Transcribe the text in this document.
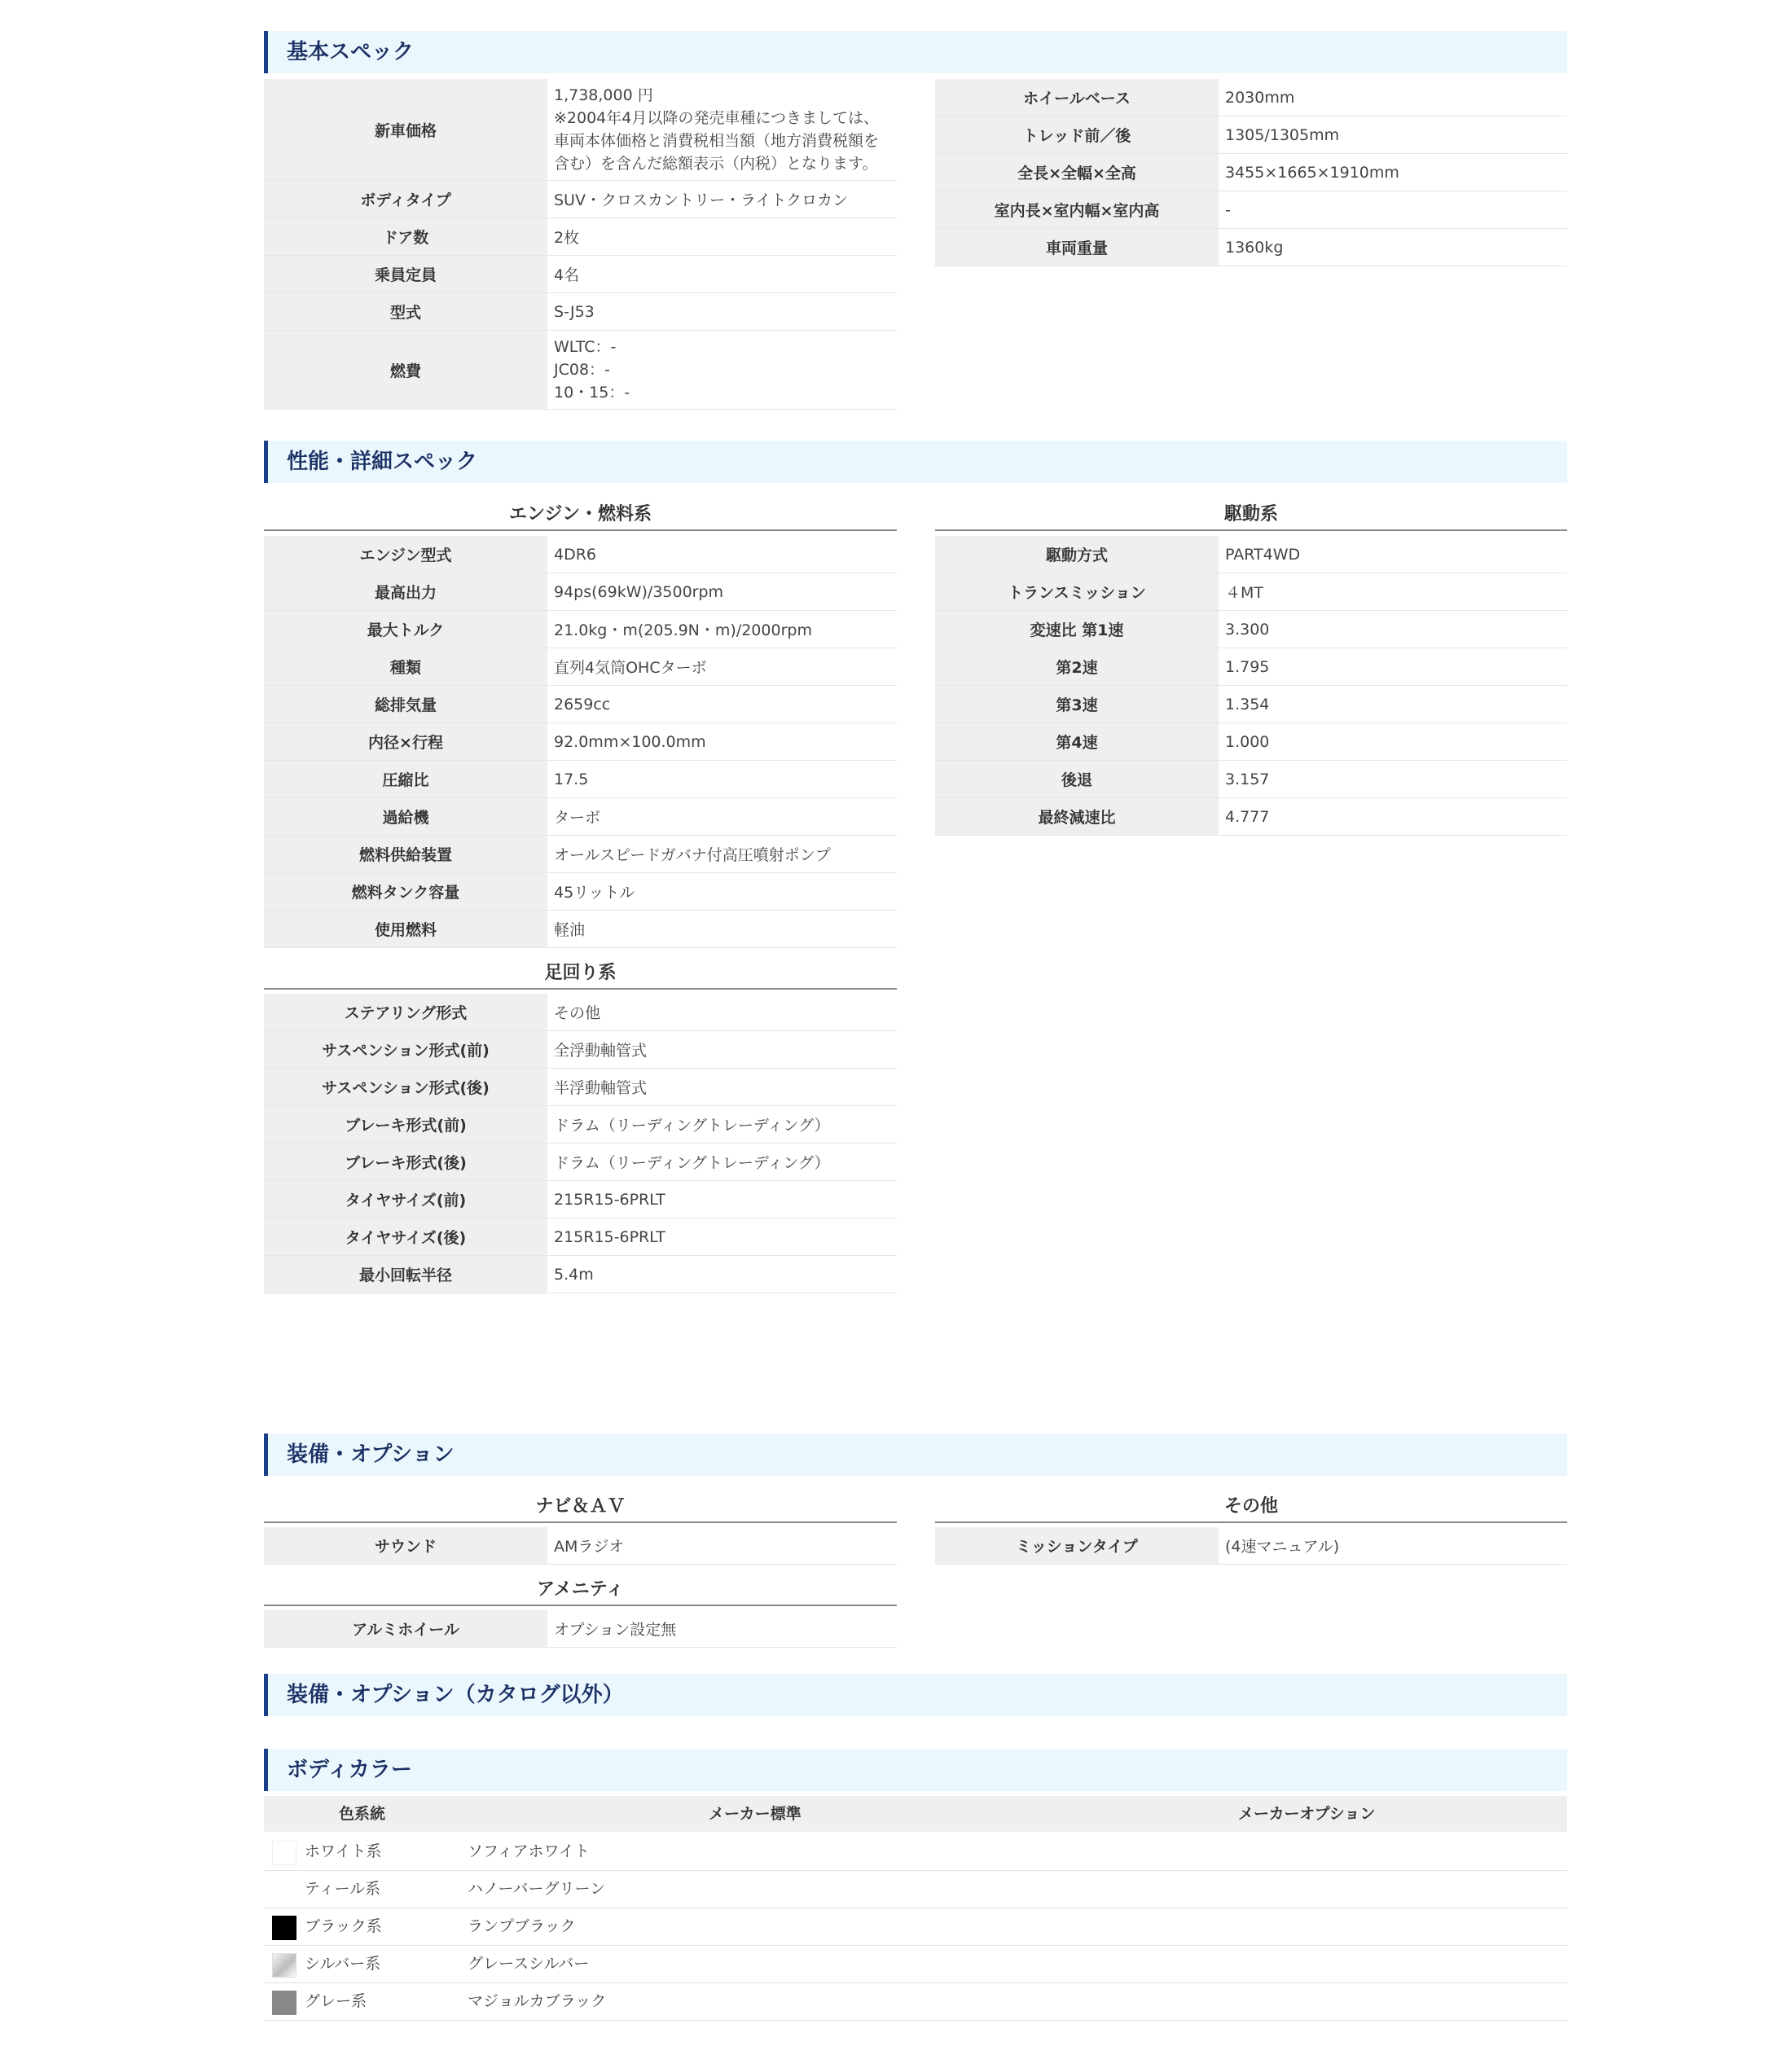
基本スペック
新車価格	1,738,000 円
※2004年4月以降の発売車種につきましては、
車両本体価格と消費税相当額（地方消費税額を
含む）を含んだ総額表示（内税）となります。
ボディタイプ	SUV・クロスカントリー・ライトクロカン
ドア数	2枚
乗員定員	4名
型式	S-J53
燃費	WLTC：-
JC08：-
10・15：-
ホイールベース	2030mm
トレッド前／後	1305/1305mm
全長×全幅×全高	3455×1665×1910mm
室内長×室内幅×室内高	-
車両重量	1360kg
性能・詳細スペック
エンジン・燃料系
エンジン型式	4DR6
最高出力	94ps(69kW)/3500rpm
最大トルク	21.0kg・m(205.9N・m)/2000rpm
種類	直列4気筒OHCターボ
総排気量	2659cc
内径×行程	92.0mm×100.0mm
圧縮比	17.5
過給機	ターボ
燃料供給装置	オールスピードガバナ付高圧噴射ポンプ
燃料タンク容量	45リットル
使用燃料	軽油
駆動系
駆動方式	PART4WD
トランスミッション	４MT
変速比 第1速	3.300
第2速	1.795
第3速	1.354
第4速	1.000
後退	3.157
最終減速比	4.777
足回り系
ステアリング形式	その他
サスペンション形式(前)	全浮動軸管式
サスペンション形式(後)	半浮動軸管式
ブレーキ形式(前)	ドラム（リーディングトレーディング）
ブレーキ形式(後)	ドラム（リーディングトレーディング）
タイヤサイズ(前)	215R15-6PRLT
タイヤサイズ(後)	215R15-6PRLT
最小回転半径	5.4m
装備・オプション
ナビ＆ＡＶ
サウンド	AMラジオ
アメニティ
アルミホイール	オプション設定無
その他
ミッションタイプ	(4速マニュアル)
装備・オプション（カタログ以外）
ボディカラー
色系統	メーカー標準	メーカーオプション
ホワイト系	ソフィアホワイト
ティール系	ハノーバーグリーン
ブラック系	ランプブラック
シルバー系	グレースシルバー
グレー系	マジョルカブラック
